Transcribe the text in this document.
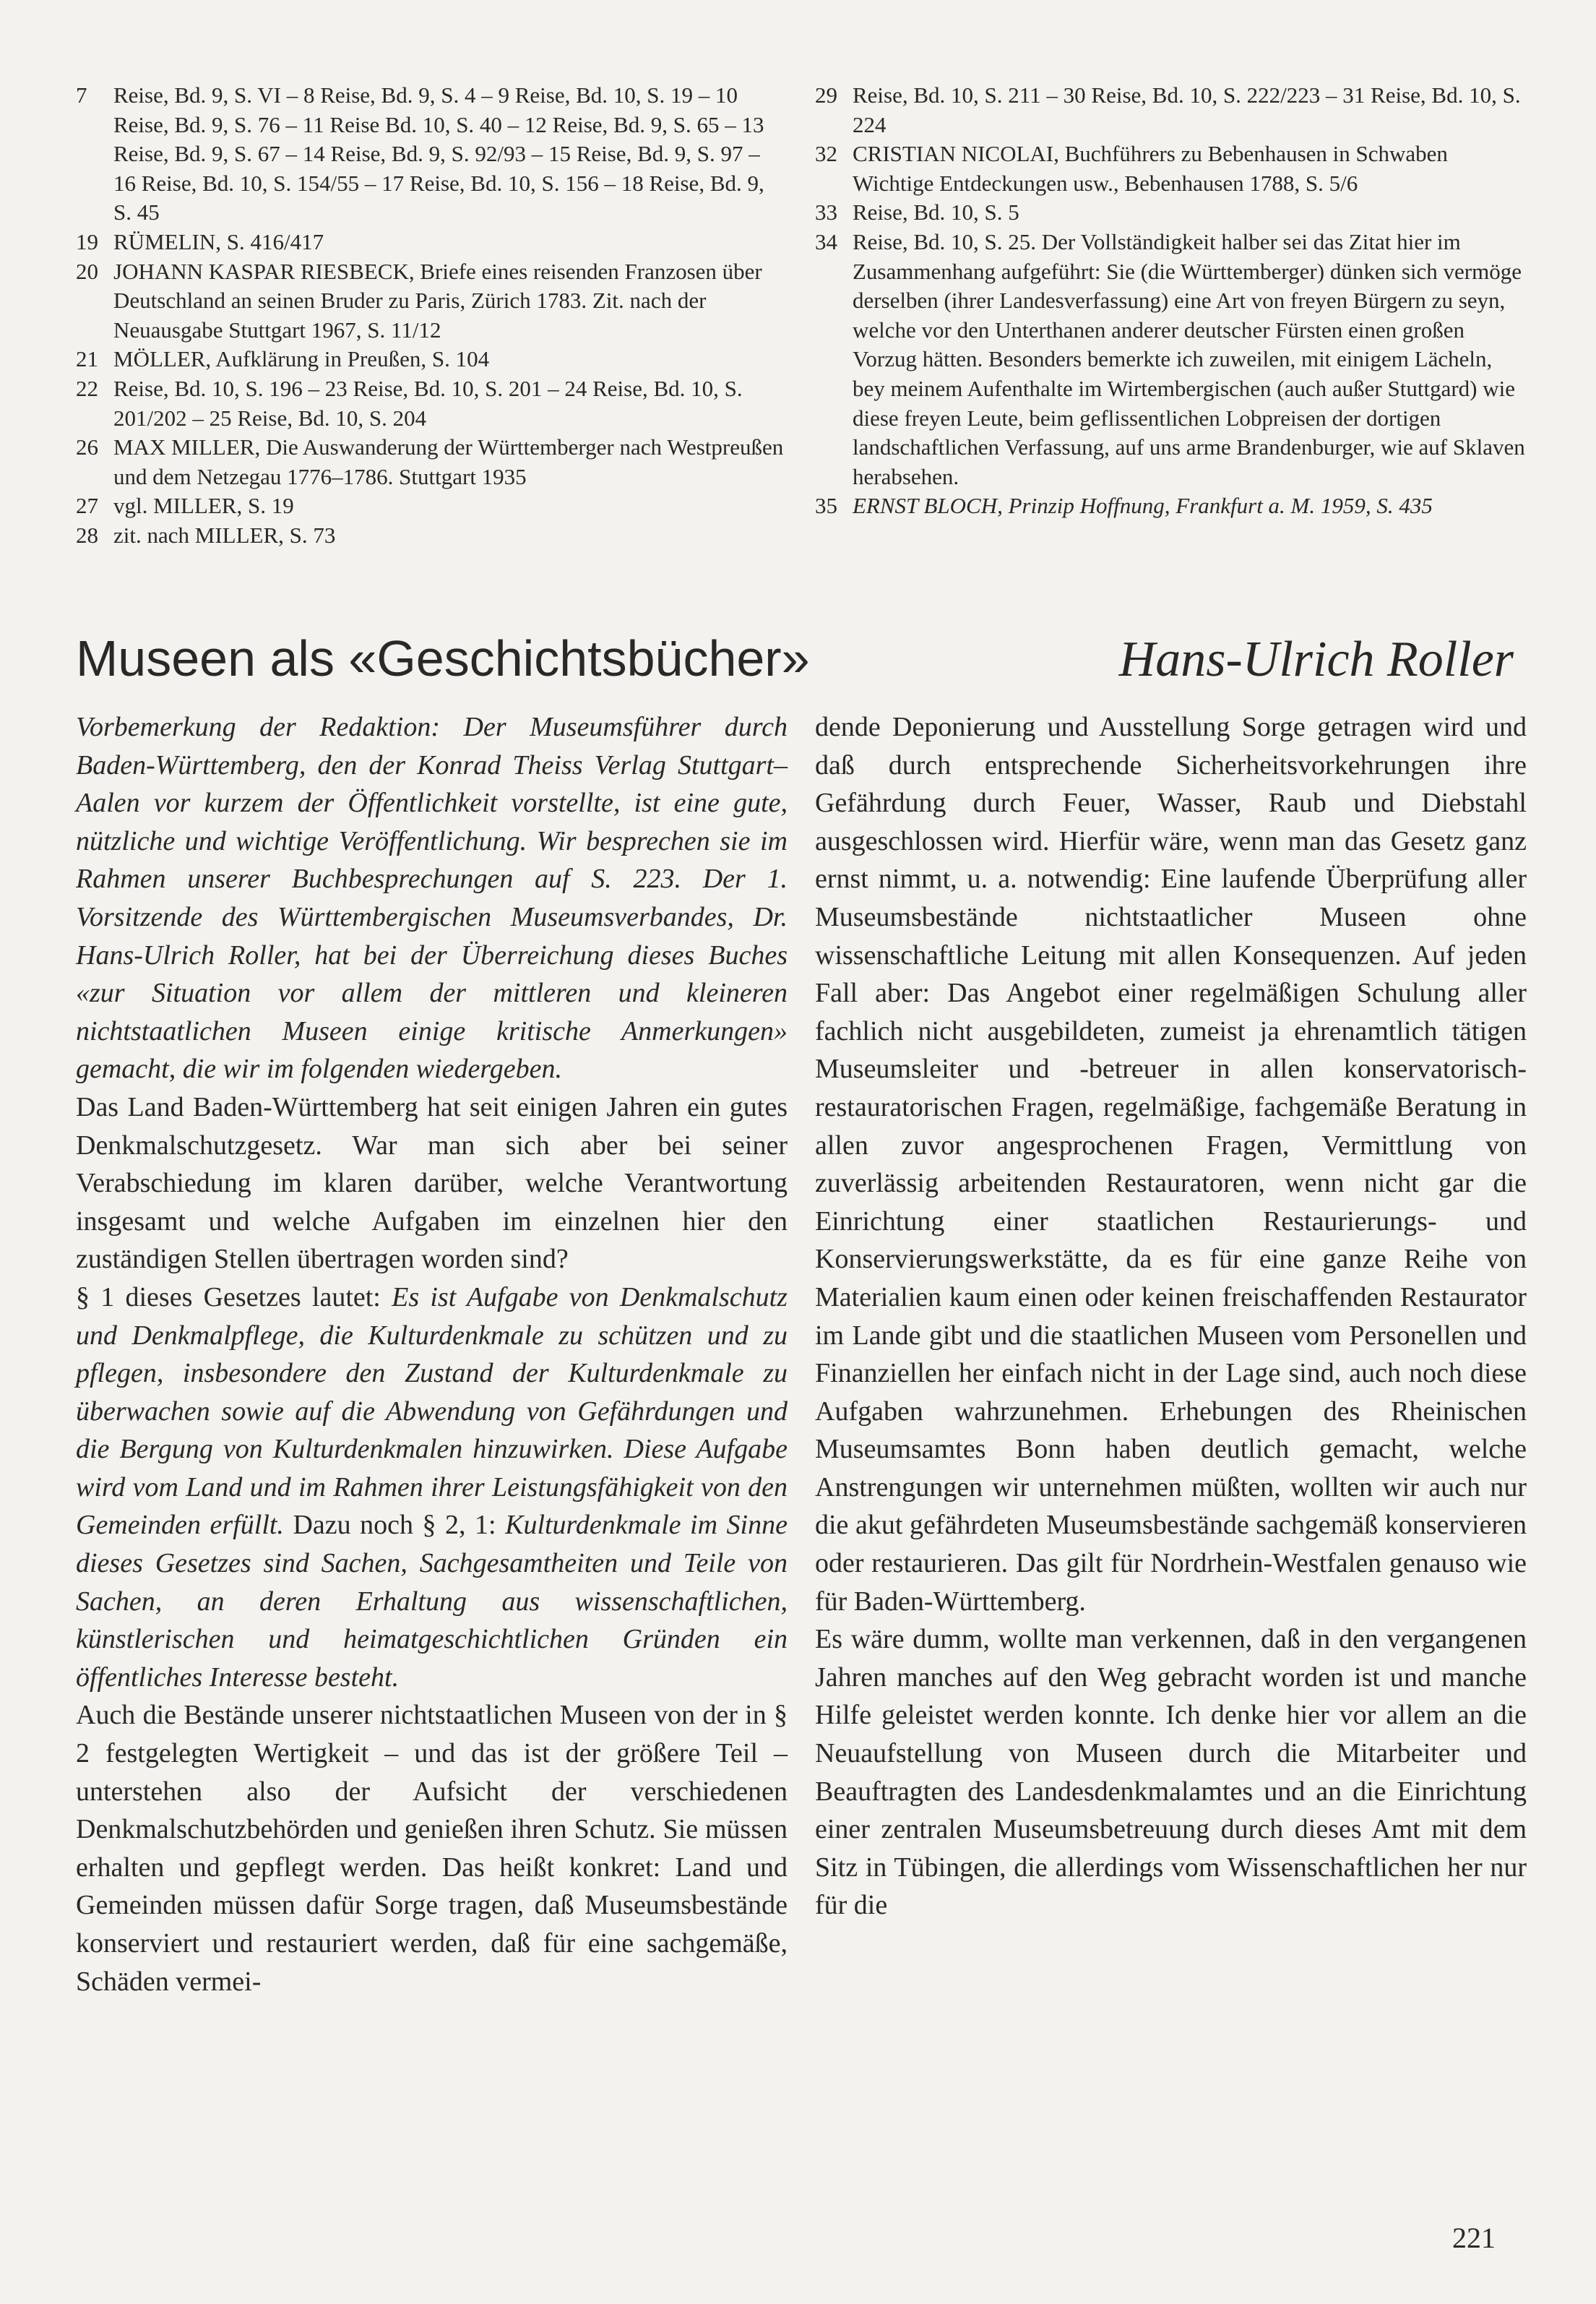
7	Reise, Bd. 9, S. VI – 8 Reise, Bd. 9, S. 4 – 9 Reise, Bd. 10, S. 19 – 10 Reise, Bd. 9, S. 76 – 11 Reise Bd. 10, S. 40 – 12 Reise, Bd. 9, S. 65 – 13 Reise, Bd. 9, S. 67 – 14 Reise, Bd. 9, S. 92/93 – 15 Reise, Bd. 9, S. 97 – 16 Reise, Bd. 10, S. 154/55 – 17 Reise, Bd. 10, S. 156 – 18 Reise, Bd. 9, S. 45
19 RÜMELIN, S. 416/417
20 JOHANN KASPAR RIESBECK, Briefe eines reisenden Franzosen über Deutschland an seinen Bruder zu Paris, Zürich 1783. Zit. nach der Neuausgabe Stuttgart 1967, S. 11/12
21 MÖLLER, Aufklärung in Preußen, S. 104
22 Reise, Bd. 10, S. 196 – 23 Reise, Bd. 10, S. 201 – 24 Reise, Bd. 10, S. 201/202 – 25 Reise, Bd. 10, S. 204
26 MAX MILLER, Die Auswanderung der Württemberger nach Westpreußen und dem Netzegau 1776–1786. Stuttgart 1935
27 vgl. MILLER, S. 19
28 zit. nach MILLER, S. 73
29 Reise, Bd. 10, S. 211 – 30 Reise, Bd. 10, S. 222/223 – 31 Reise, Bd. 10, S. 224
32 CRISTIAN NICOLAI, Buchführers zu Bebenhausen in Schwaben Wichtige Entdeckungen usw., Bebenhausen 1788, S. 5/6
33 Reise, Bd. 10, S. 5
34 Reise, Bd. 10, S. 25. Der Vollständigkeit halber sei das Zitat hier im Zusammenhang aufgeführt: Sie (die Württemberger) dünken sich vermöge derselben (ihrer Landesverfassung) eine Art von freyen Bürgern zu seyn, welche vor den Unterthanen anderer deutscher Fürsten einen großen Vorzug hätten. Besonders bemerkte ich zuweilen, mit einigem Lächeln, bey meinem Aufenthalte im Wirtembergischen (auch außer Stuttgard) wie diese freyen Leute, beim geflissentlichen Lobpreisen der dortigen landschaftlichen Verfassung, auf uns arme Brandenburger, wie auf Sklaven herabsehen.
35 ERNST BLOCH, Prinzip Hoffnung, Frankfurt a. M. 1959, S. 435
Museen als «Geschichtsbücher»	Hans-Ulrich Roller

Vorbemerkung der Redaktion: Der Museumsführer durch Baden-Württemberg, den der Konrad Theiss Verlag Stuttgart–Aalen vor kurzem der Öffentlichkeit vorstellte, ist eine gute, nützliche und wichtige Veröffentlichung. Wir besprechen sie im Rahmen unserer Buchbesprechungen auf S. 223. Der 1. Vorsitzende des Württembergischen Museumsverbandes, Dr. Hans-Ulrich Roller, hat bei der Überreichung dieses Buches «zur Situation vor allem der mittleren und kleineren nichtstaatlichen Museen einige kritische Anmerkungen» gemacht, die wir im folgenden wiedergeben.

Das Land Baden-Württemberg hat seit einigen Jahren ein gutes Denkmalschutzgesetz. War man sich aber bei seiner Verabschiedung im klaren darüber, welche Verantwortung insgesamt und welche Aufgaben im einzelnen hier den zuständigen Stellen übertragen worden sind?

§ 1 dieses Gesetzes lautet: Es ist Aufgabe von Denkmalschutz und Denkmalpflege, die Kulturdenkmale zu schützen und zu pflegen, insbesondere den Zustand der Kulturdenkmale zu überwachen sowie auf die Abwendung von Gefährdungen und die Bergung von Kulturdenkmalen hinzuwirken. Diese Aufgabe wird vom Land und im Rahmen ihrer Leistungsfähigkeit von den Gemeinden erfüllt. Dazu noch § 2, 1: Kulturdenkmale im Sinne dieses Gesetzes sind Sachen, Sachgesamtheiten und Teile von Sachen, an deren Erhaltung aus wissenschaftlichen, künstlerischen und heimatgeschichtlichen Gründen ein öffentliches Interesse besteht.

Auch die Bestände unserer nichtstaatlichen Museen von der in § 2 festgelegten Wertigkeit – und das ist der größere Teil – unterstehen also der Aufsicht der verschiedenen Denkmalschutzbehörden und genießen ihren Schutz. Sie müssen erhalten und gepflegt werden. Das heißt konkret: Land und Gemeinden müssen dafür Sorge tragen, daß Museumsbestände konserviert und restauriert werden, daß für eine sachgemäße, Schäden vermei-

dende Deponierung und Ausstellung Sorge getragen wird und daß durch entsprechende Sicherheitsvorkehrungen ihre Gefährdung durch Feuer, Wasser, Raub und Diebstahl ausgeschlossen wird. Hierfür wäre, wenn man das Gesetz ganz ernst nimmt, u. a. notwendig: Eine laufende Überprüfung aller Museumsbestände nichtstaatlicher Museen ohne wissenschaftliche Leitung mit allen Konsequenzen. Auf jeden Fall aber: Das Angebot einer regelmäßigen Schulung aller fachlich nicht ausgebildeten, zumeist ja ehrenamtlich tätigen Museumsleiter und -betreuer in allen konservatorisch-restauratorischen Fragen, regelmäßige, fachgemäße Beratung in allen zuvor angesprochenen Fragen, Vermittlung von zuverlässig arbeitenden Restauratoren, wenn nicht gar die Einrichtung einer staatlichen Restaurierungs- und Konservierungswerkstätte, da es für eine ganze Reihe von Materialien kaum einen oder keinen freischaffenden Restaurator im Lande gibt und die staatlichen Museen vom Personellen und Finanziellen her einfach nicht in der Lage sind, auch noch diese Aufgaben wahrzunehmen. Erhebungen des Rheinischen Museumsamtes Bonn haben deutlich gemacht, welche Anstrengungen wir unternehmen müßten, wollten wir auch nur die akut gefährdeten Museumsbestände sachgemäß konservieren oder restaurieren. Das gilt für Nordrhein-Westfalen genauso wie für Baden-Württemberg.

Es wäre dumm, wollte man verkennen, daß in den vergangenen Jahren manches auf den Weg gebracht worden ist und manche Hilfe geleistet werden konnte. Ich denke hier vor allem an die Neuaufstellung von Museen durch die Mitarbeiter und Beauftragten des Landesdenkmalamtes und an die Einrichtung einer zentralen Museumsbetreuung durch dieses Amt mit dem Sitz in Tübingen, die allerdings vom Wissenschaftlichen her nur für die

221
